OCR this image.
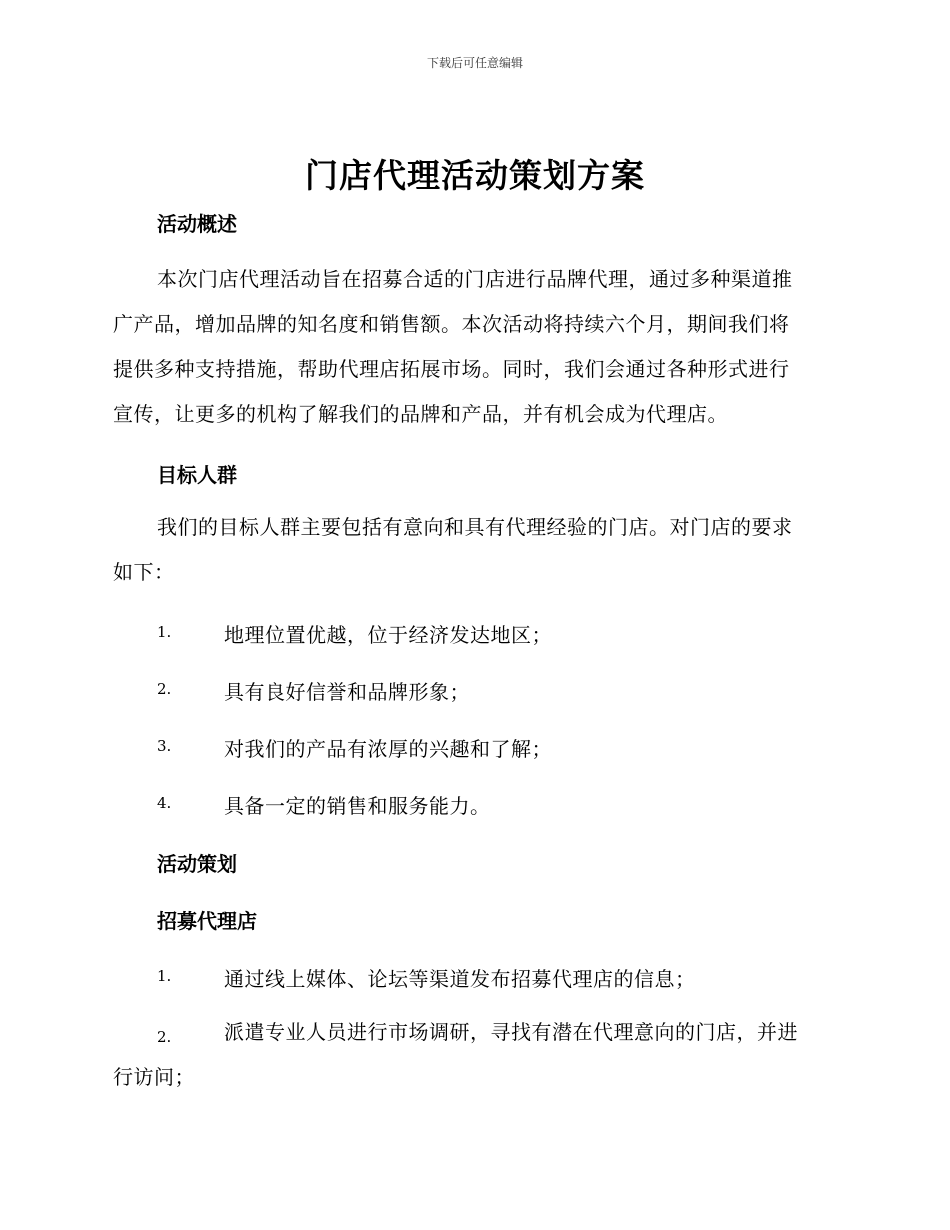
下载后可任意编辑
门店代理活动策划方案
活动概述
本次门店代理活动旨在招募合适的门店进行品牌代理，通过多种渠道推
广产品，增加品牌的知名度和销售额。本次活动将持续六个月，期间我们将
提供多种支持措施，帮助代理店拓展市场。同时，我们会通过各种形式进行
宣传，让更多的机构了解我们的品牌和产品，并有机会成为代理店。
目标人群
我们的目标人群主要包括有意向和具有代理经验的门店。对门店的要求
如下：
1.	地理位置优越，位于经济发达地区；
2.	具有良好信誉和品牌形象；
3.	对我们的产品有浓厚的兴趣和了解；
4.	具备一定的销售和服务能力。
活动策划
招募代理店
1.	通过线上媒体、论坛等渠道发布招募代理店的信息；
2.	派遣专业人员进行市场调研，寻找有潜在代理意向的门店，并进
行访问；
